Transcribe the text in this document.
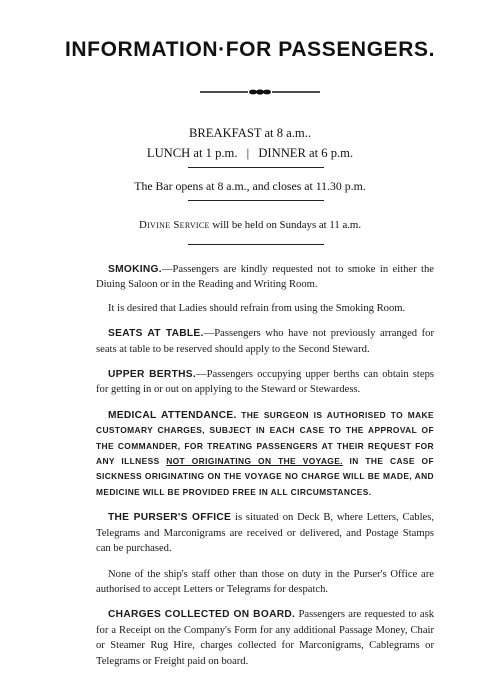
INFORMATION·FOR PASSENGERS.
BREAKFAST at 8 a.m..
LUNCH at 1 p.m. | DINNER at 6 p.m.
The Bar opens at 8 a.m., and closes at 11.30 p.m.
Divine Service will be held on Sundays at 11 a.m.

SMOKING.—Passengers are kindly requested not to smoke in either the Diuing Saloon or in the Reading and Writing Room.

It is desired that Ladies should refrain from using the Smoking Room.

SEATS AT TABLE.—Passengers who have not previously arranged for seats at table to be reserved should apply to the Second Steward.

UPPER BERTHS.—Passengers occupying upper berths can obtain steps for getting in or out on applying to the Steward or Stewardess.

MEDICAL ATTENDANCE. THE SURGEON IS AUTHORISED TO MAKE CUSTOMARY CHARGES, SUBJECT IN EACH CASE TO THE APPROVAL OF THE COMMANDER, FOR TREATING PASSENGERS AT THEIR REQUEST FOR ANY ILLNESS NOT ORIGINATING ON THE VOYAGE. IN THE CASE OF SICKNESS ORIGINATING ON THE VOYAGE NO CHARGE WILL BE MADE, AND MEDICINE WILL BE PROVIDED FREE IN ALL CIRCUMSTANCES.

THE PURSER'S OFFICE is situated on Deck B, where Letters, Cables, Telegrams and Marconigrams are received or delivered, and Postage Stamps can be purchased.

None of the ship's staff other than those on duty in the Purser's Office are authorised to accept Letters or Telegrams for despatch.

CHARGES COLLECTED ON BOARD. Passengers are requested to ask for a Receipt on the Company's Form for any additional Passage Money, Chair or Steamer Rug Hire, charges collected for Marconigrams, Cablegrams or Telegrams or Freight paid on board.
